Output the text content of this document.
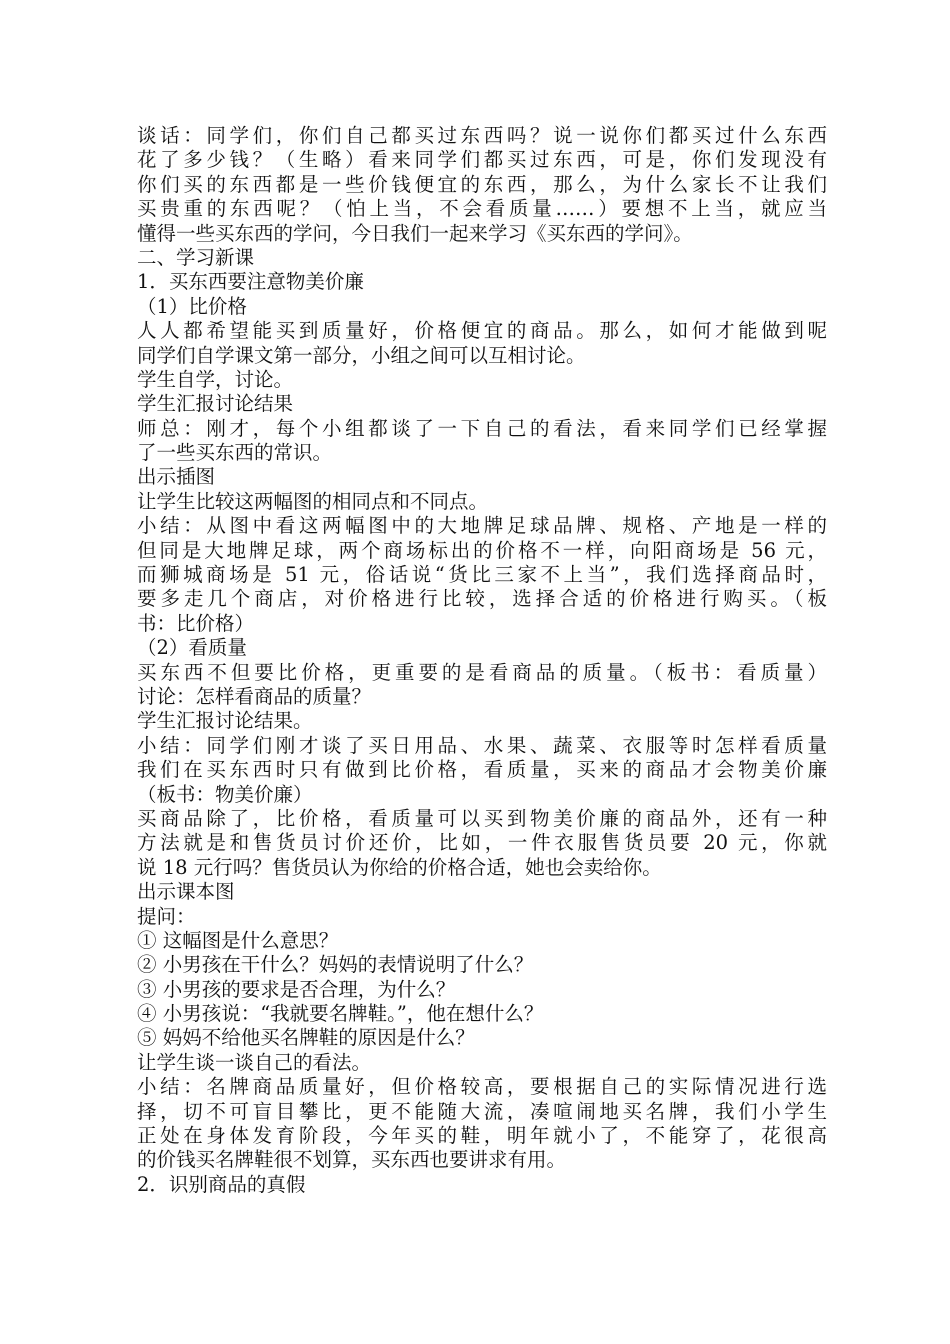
谈话：同学们，你们自己都买过东西吗？说一说你们都买过什么东西
花了多少钱？（生略）看来同学们都买过东西，可是，你们发现没有
你们买的东西都是一些价钱便宜的东西，那么，为什么家长不让我们
买贵重的东西呢？（怕上当，不会看质量……）要想不上当，就应当
懂得一些买东西的学问，今日我们一起来学习《买东西的学问》。
二、学习新课
1．买东西要注意物美价廉
（1）比价格
人人都希望能买到质量好，价格便宜的商品。那么，如何才能做到呢
同学们自学课文第一部分，小组之间可以互相讨论。
学生自学，讨论。
学生汇报讨论结果
师总：刚才，每个小组都谈了一下自己的看法，看来同学们已经掌握
了一些买东西的常识。
出示插图
让学生比较这两幅图的相同点和不同点。
小结：从图中看这两幅图中的大地牌足球品牌、规格、产地是一样的
但同是大地牌足球，两个商场标出的价格不一样，向阳商场是 56 元，
而狮城商场是 51 元，俗话说“货比三家不上当”，我们选择商品时，
要多走几个商店，对价格进行比较，选择合适的价格进行购买。（板
书：比价格）
（2）看质量
买东西不但要比价格，更重要的是看商品的质量。（板书：看质量）
讨论：怎样看商品的质量？
学生汇报讨论结果。
小结：同学们刚才谈了买日用品、水果、蔬菜、衣服等时怎样看质量
我们在买东西时只有做到比价格，看质量，买来的商品才会物美价廉
（板书：物美价廉）
买商品除了，比价格，看质量可以买到物美价廉的商品外，还有一种
方法就是和售货员讨价还价，比如，一件衣服售货员要 20 元，你就
说 18 元行吗？售货员认为你给的价格合适，她也会卖给你。
出示课本图
提问：
① 这幅图是什么意思？
② 小男孩在干什么？妈妈的表情说明了什么？
③ 小男孩的要求是否合理，为什么？
④ 小男孩说：“我就要名牌鞋。”，他在想什么？
⑤ 妈妈不给他买名牌鞋的原因是什么？
让学生谈一谈自己的看法。
小结：名牌商品质量好，但价格较高，要根据自己的实际情况进行选
择，切不可盲目攀比，更不能随大流，凑喧闹地买名牌，我们小学生
正处在身体发育阶段，今年买的鞋，明年就小了，不能穿了，花很高
的价钱买名牌鞋很不划算，买东西也要讲求有用。
2．识别商品的真假
